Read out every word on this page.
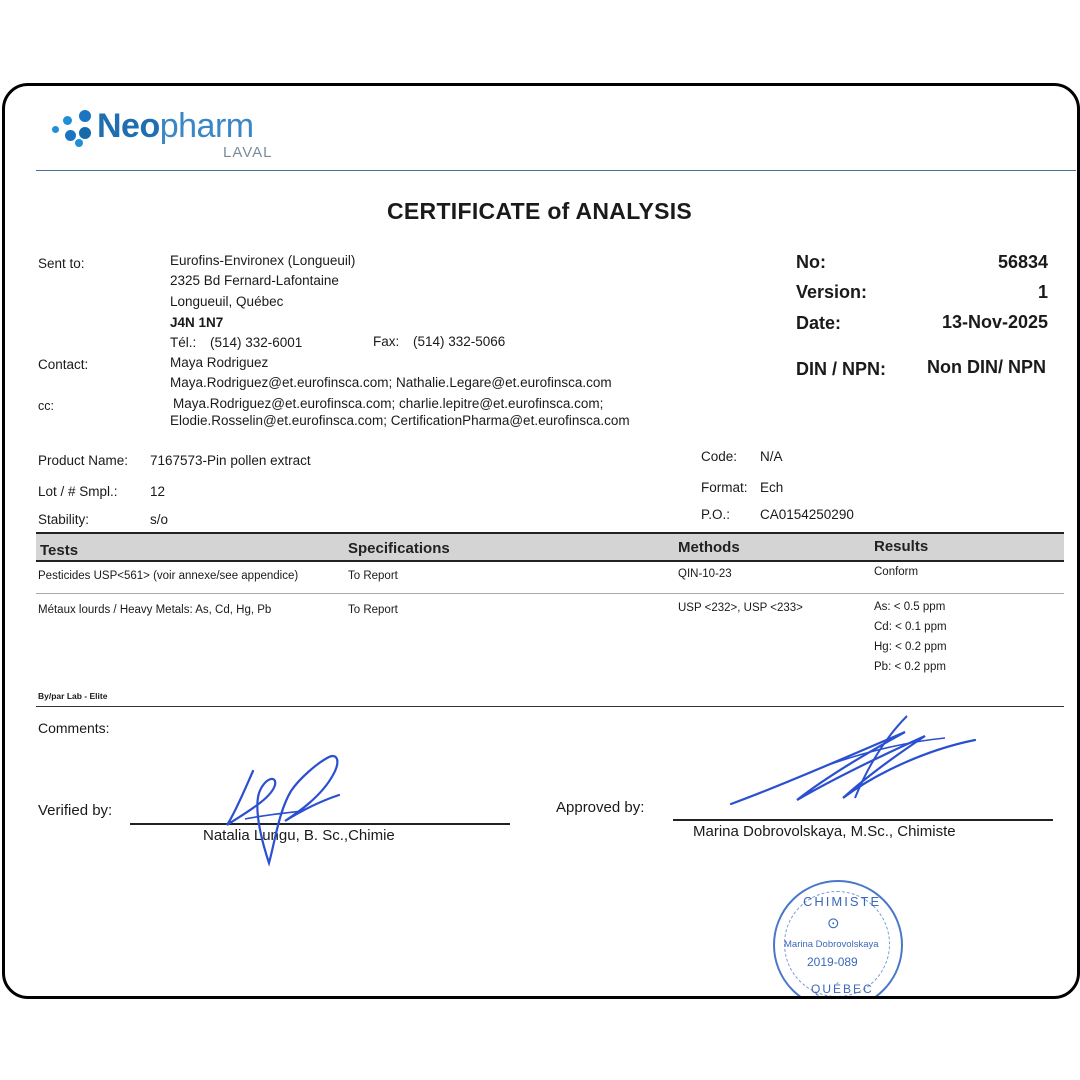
Neopharm
LAVAL
CERTIFICATE of ANALYSIS
Sent to:	Eurofins-Environex (Longueuil)
2325 Bd Fernard-Lafontaine
Longueuil, Québec
J4N 1N7
Tél.: (514) 332-6001	Fax: (514) 332-5066
Contact:	Maya Rodriguez
Maya.Rodriguez@et.eurofinsca.com; Nathalie.Legare@et.eurofinsca.com
cc:	Maya.Rodriguez@et.eurofinsca.com; charlie.lepitre@et.eurofinsca.com;
Elodie.Rosselin@et.eurofinsca.com; CertificationPharma@et.eurofinsca.com
No:	56834
Version:	1
Date:	13-Nov-2025
DIN / NPN:	Non DIN/ NPN
Product Name: 7167573-Pin pollen extract
Lot / # Smpl.: 12
Stability:	s/o
Code: N/A
Format: Ech
P.O.: CA0154250290
Tests	Specifications	Methods	Results
Pesticides USP<561> (voir annexe/see appendice)	To Report	QIN-10-23	Conform
Métaux lourds / Heavy Metals: As, Cd, Hg, Pb	To Report	USP <232>, USP <233>	As: < 0.5 ppm
Cd: < 0.1 ppm
Hg: < 0.2 ppm
Pb: < 0.2 ppm
By/par Lab - Elite
Comments:
Verified by:
Natalia Lungu, B. Sc.,Chimie
Approved by:
Marina Dobrovolskaya, M.Sc., Chimiste
CHIMISTE
⊙
Marina Dobrovolskaya
2019-089
QUÉBEC
